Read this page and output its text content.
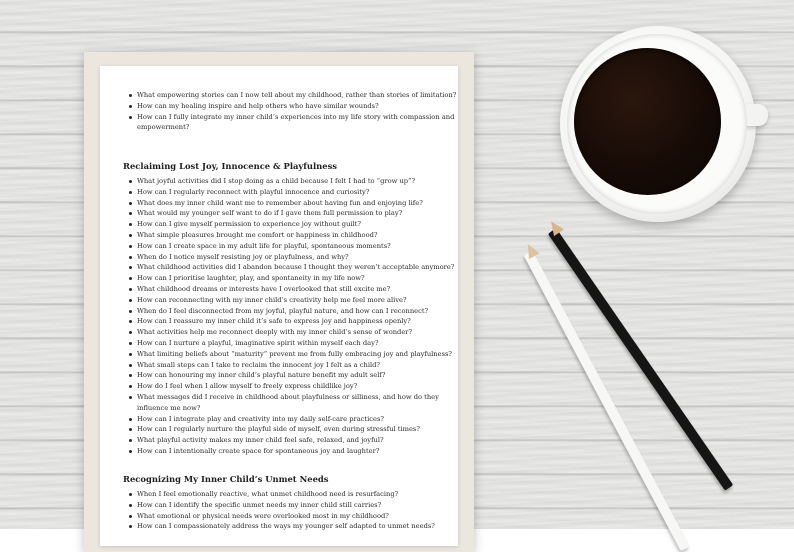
What empowering stories can I now tell about my childhood, rather than stories of limitation?
How can my healing inspire and help others who have similar wounds?
How can I fully integrate my inner child’s experiences into my life story with compassion and empowerment?
Reclaiming Lost Joy, Innocence & Playfulness
What joyful activities did I stop doing as a child because I felt I had to “grow up”?
How can I regularly reconnect with playful innocence and curiosity?
What does my inner child want me to remember about having fun and enjoying life?
What would my younger self want to do if I gave them full permission to play?
How can I give myself permission to experience joy without guilt?
What simple pleasures brought me comfort or happiness in childhood?
How can I create space in my adult life for playful, spontaneous moments?
When do I notice myself resisting joy or playfulness, and why?
What childhood activities did I abandon because I thought they weren’t acceptable anymore?
How can I prioritise laughter, play, and spontaneity in my life now?
What childhood dreams or interests have I overlooked that still excite me?
How can reconnecting with my inner child’s creativity help me feel more alive?
When do I feel disconnected from my joyful, playful nature, and how can I reconnect?
How can I reassure my inner child it’s safe to express joy and happiness openly?
What activities help me reconnect deeply with my inner child’s sense of wonder?
How can I nurture a playful, imaginative spirit within myself each day?
What limiting beliefs about “maturity” prevent me from fully embracing joy and playfulness?
What small steps can I take to reclaim the innocent joy I felt as a child?
How can honouring my inner child’s playful nature benefit my adult self?
How do I feel when I allow myself to freely express childlike joy?
What messages did I receive in childhood about playfulness or silliness, and how do they influence me now?
How can I integrate play and creativity into my daily self-care practices?
How can I regularly nurture the playful side of myself, even during stressful times?
What playful activity makes my inner child feel safe, relaxed, and joyful?
How can I intentionally create space for spontaneous joy and laughter?
Recognizing My Inner Child’s Unmet Needs
When I feel emotionally reactive, what unmet childhood need is resurfacing?
How can I identify the specific unmet needs my inner child still carries?
What emotional or physical needs were overlooked most in my childhood?
How can I compassionately address the ways my younger self adapted to unmet needs?
